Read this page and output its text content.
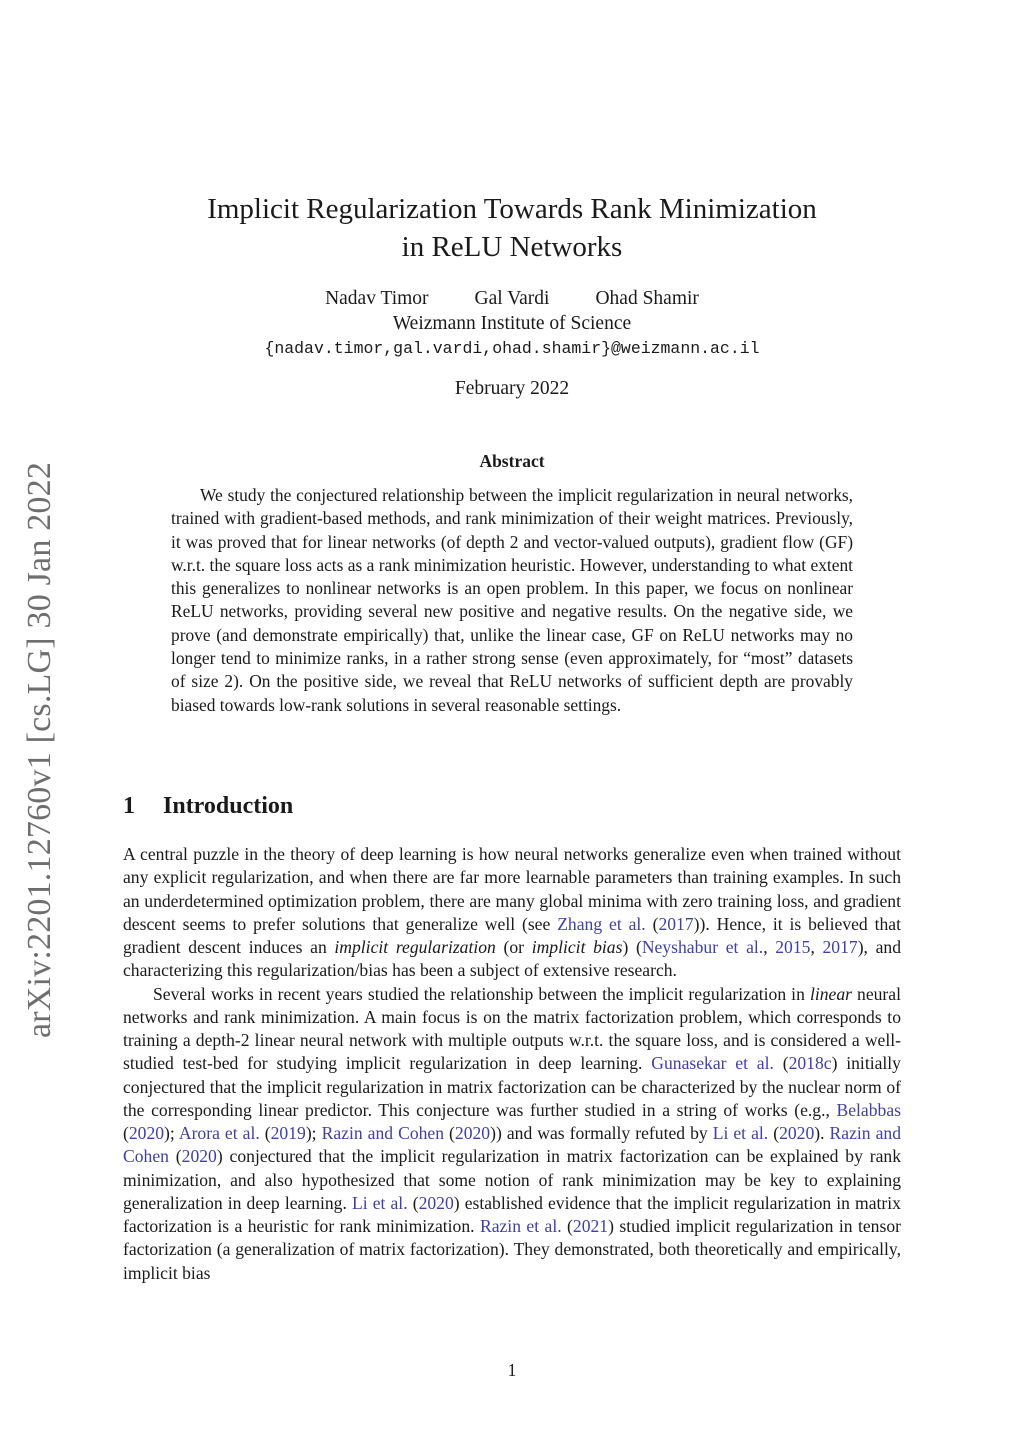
arXiv:2201.12760v1 [cs.LG] 30 Jan 2022
Implicit Regularization Towards Rank Minimization
in ReLU Networks
Nadav Timor Gal Vardi Ohad Shamir
Weizmann Institute of Science
{nadav.timor,gal.vardi,ohad.shamir}@weizmann.ac.il
February 2022
Abstract

We study the conjectured relationship between the implicit regularization in neural networks, trained with gradient-based methods, and rank minimization of their weight matrices. Previously, it was proved that for linear networks (of depth 2 and vector-valued outputs), gradient flow (GF) w.r.t. the square loss acts as a rank minimization heuristic. However, understanding to what extent this generalizes to nonlinear networks is an open problem. In this paper, we focus on nonlinear ReLU networks, providing several new positive and negative results. On the negative side, we prove (and demonstrate empirically) that, unlike the linear case, GF on ReLU networks may no longer tend to minimize ranks, in a rather strong sense (even approximately, for “most” datasets of size 2). On the positive side, we reveal that ReLU networks of sufficient depth are provably biased towards low-rank solutions in several reasonable settings.

1 Introduction

A central puzzle in the theory of deep learning is how neural networks generalize even when trained without any explicit regularization, and when there are far more learnable parameters than training examples. In such an underdetermined optimization problem, there are many global minima with zero training loss, and gradient descent seems to prefer solutions that generalize well (see Zhang et al. (2017)). Hence, it is believed that gradient descent induces an implicit regularization (or implicit bias) (Neyshabur et al., 2015, 2017), and characterizing this regularization/bias has been a subject of extensive research.

Several works in recent years studied the relationship between the implicit regularization in linear neural networks and rank minimization. A main focus is on the matrix factorization problem, which corresponds to training a depth-2 linear neural network with multiple outputs w.r.t. the square loss, and is considered a well-studied test-bed for studying implicit regularization in deep learning. Gunasekar et al. (2018c) initially conjectured that the implicit regularization in matrix factorization can be characterized by the nuclear norm of the corresponding linear predictor. This conjecture was further studied in a string of works (e.g., Belabbas (2020); Arora et al. (2019); Razin and Cohen (2020)) and was formally refuted by Li et al. (2020). Razin and Cohen (2020) conjectured that the implicit regularization in matrix factorization can be explained by rank minimization, and also hypothesized that some notion of rank minimization may be key to explaining generalization in deep learning. Li et al. (2020) established evidence that the implicit regularization in matrix factorization is a heuristic for rank minimization. Razin et al. (2021) studied implicit regularization in tensor factorization (a generalization of matrix factorization). They demonstrated, both theoretically and empirically, implicit bias

1
